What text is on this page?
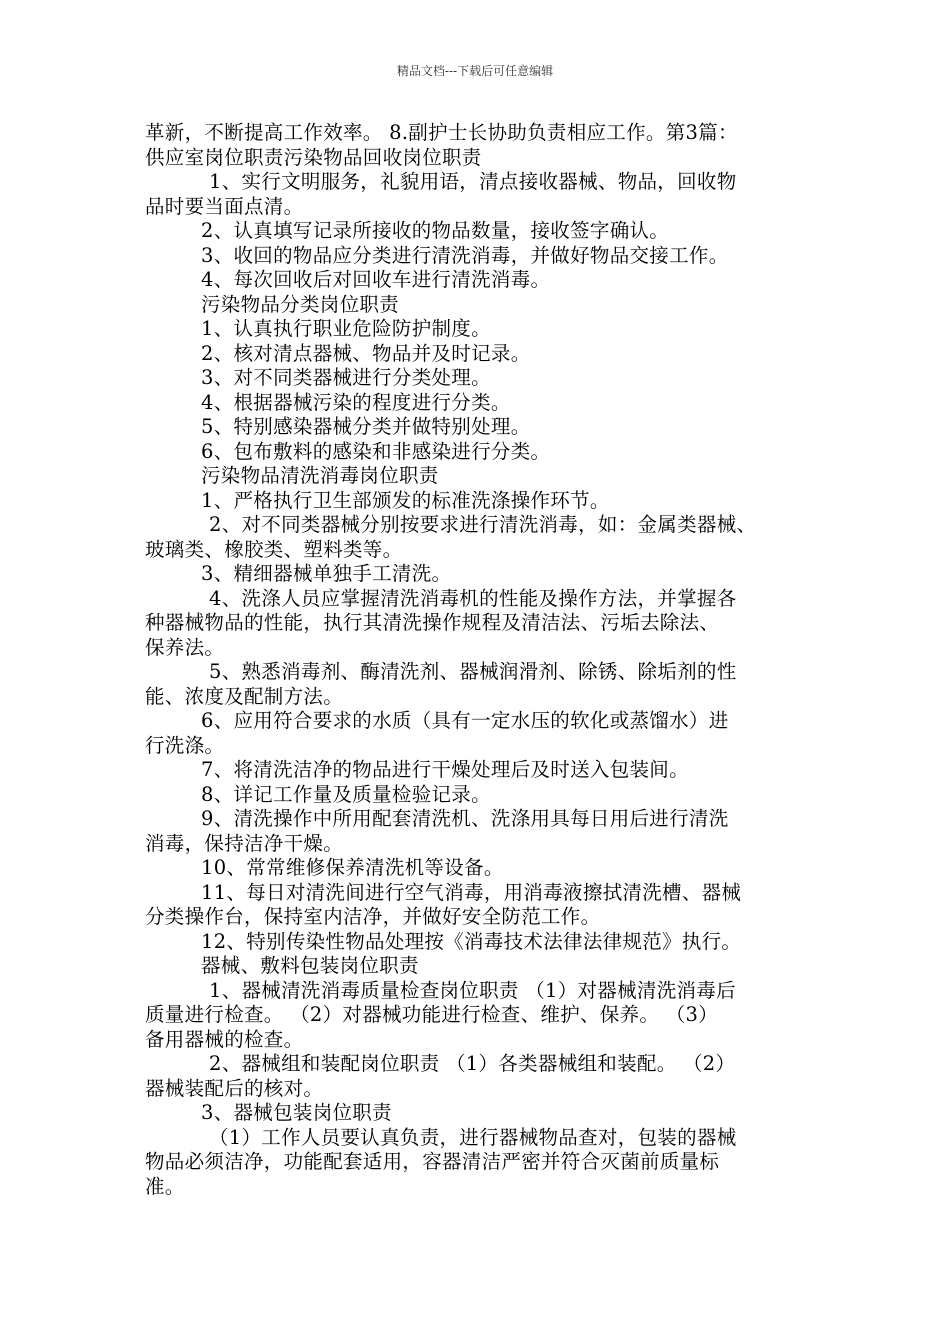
精品文档---下载后可任意编辑
革新，不断提高工作效率。 8.副护士长协助负责相应工作。第3篇：
供应室岗位职责污染物品回收岗位职责
1、实行文明服务，礼貌用语，清点接收器械、物品，回收物
品时要当面点清。
2、认真填写记录所接收的物品数量，接收签字确认。
3、收回的物品应分类进行清洗消毒，并做好物品交接工作。
4、每次回收后对回收车进行清洗消毒。
污染物品分类岗位职责
1、认真执行职业危险防护制度。
2、核对清点器械、物品并及时记录。
3、对不同类器械进行分类处理。
4、根据器械污染的程度进行分类。
5、特别感染器械分类并做特别处理。
6、包布敷料的感染和非感染进行分类。
污染物品清洗消毒岗位职责
1、严格执行卫生部颁发的标准洗涤操作环节。
2、对不同类器械分别按要求进行清洗消毒，如：金属类器械、
玻璃类、橡胶类、塑料类等。
3、精细器械单独手工清洗。
4、洗涤人员应掌握清洗消毒机的性能及操作方法，并掌握各
种器械物品的性能，执行其清洗操作规程及清洁法、污垢去除法、
保养法。
5、熟悉消毒剂、酶清洗剂、器械润滑剂、除锈、除垢剂的性
能、浓度及配制方法。
6、应用符合要求的水质（具有一定水压的软化或蒸馏水）进
行洗涤。
7、将清洗洁净的物品进行干燥处理后及时送入包装间。
8、详记工作量及质量检验记录。
9、清洗操作中所用配套清洗机、洗涤用具每日用后进行清洗
消毒，保持洁净干燥。
10、常常维修保养清洗机等设备。
11、每日对清洗间进行空气消毒，用消毒液擦拭清洗槽、器械
分类操作台，保持室内洁净，并做好安全防范工作。
12、特别传染性物品处理按《消毒技术法律法律规范》执行。
器械、敷料包装岗位职责
1、器械清洗消毒质量检查岗位职责 （1）对器械清洗消毒后
质量进行检查。 （2）对器械功能进行检查、维护、保养。 （3）
备用器械的检查。
2、器械组和装配岗位职责 （1）各类器械组和装配。 （2）
器械装配后的核对。
3、器械包装岗位职责
（1）工作人员要认真负责，进行器械物品查对，包装的器械
物品必须洁净，功能配套适用，容器清洁严密并符合灭菌前质量标
准。
